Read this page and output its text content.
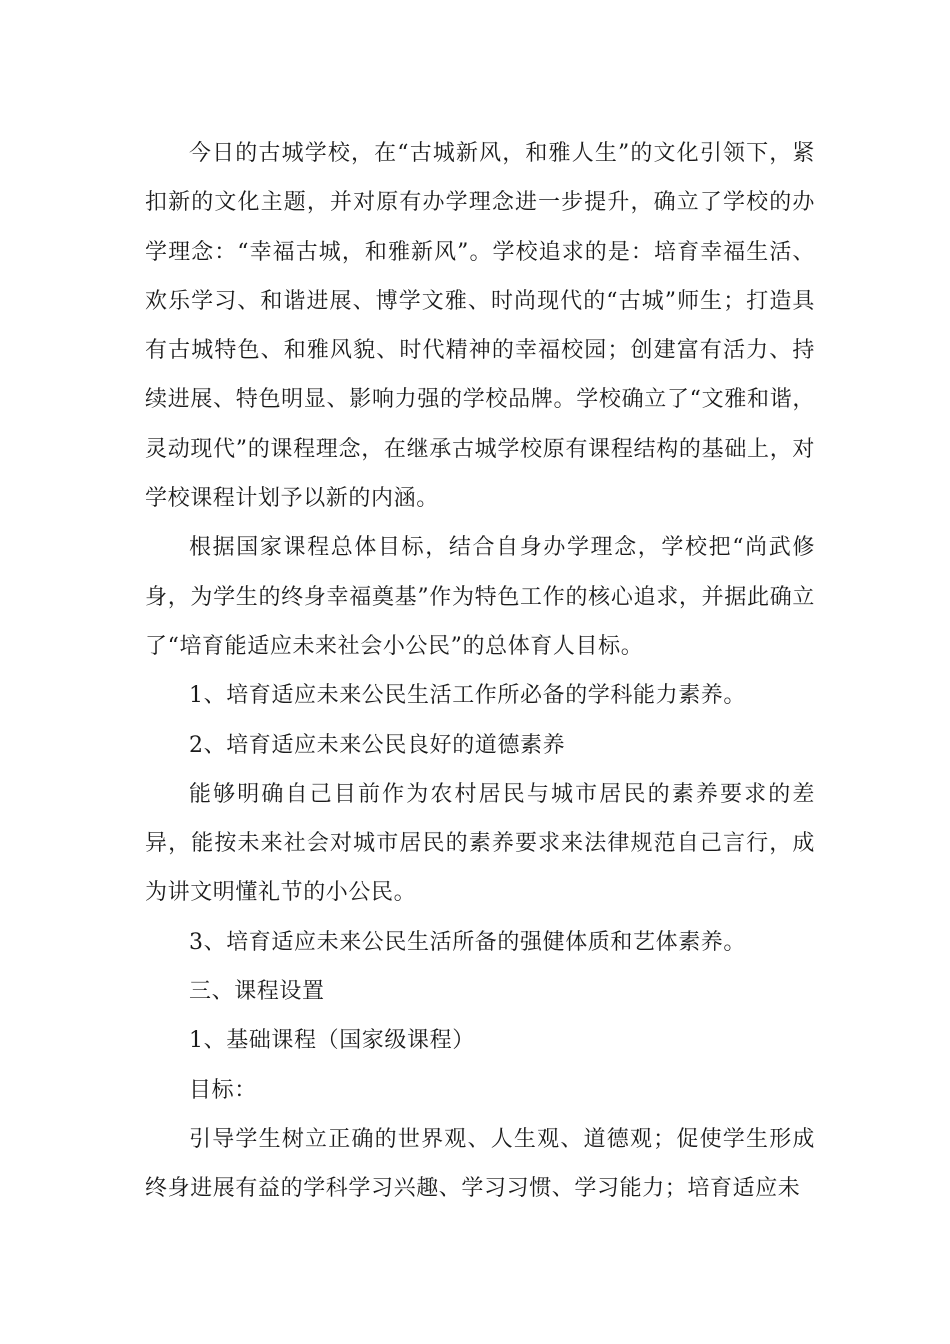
今日的古城学校，在“古城新风，和雅人生”的文化引领下，紧扣新的文化主题，并对原有办学理念进一步提升，确立了学校的办学理念：“幸福古城，和雅新风”。学校追求的是：培育幸福生活、欢乐学习、和谐进展、博学文雅、时尚现代的“古城”师生；打造具有古城特色、和雅风貌、时代精神的幸福校园；创建富有活力、持续进展、特色明显、影响力强的学校品牌。学校确立了“文雅和谐，灵动现代”的课程理念，在继承古城学校原有课程结构的基础上，对学校课程计划予以新的内涵。

根据国家课程总体目标，结合自身办学理念，学校把“尚武修身，为学生的终身幸福奠基”作为特色工作的核心追求，并据此确立了“培育能适应未来社会小公民”的总体育人目标。

1、培育适应未来公民生活工作所必备的学科能力素养。

2、培育适应未来公民良好的道德素养

能够明确自己目前作为农村居民与城市居民的素养要求的差异，能按未来社会对城市居民的素养要求来法律规范自己言行，成为讲文明懂礼节的小公民。

3、培育适应未来公民生活所备的强健体质和艺体素养。

三、课程设置

1、基础课程（国家级课程）

目标：

引导学生树立正确的世界观、人生观、道德观；促使学生形成终身进展有益的学科学习兴趣、学习习惯、学习能力；培育适应未
